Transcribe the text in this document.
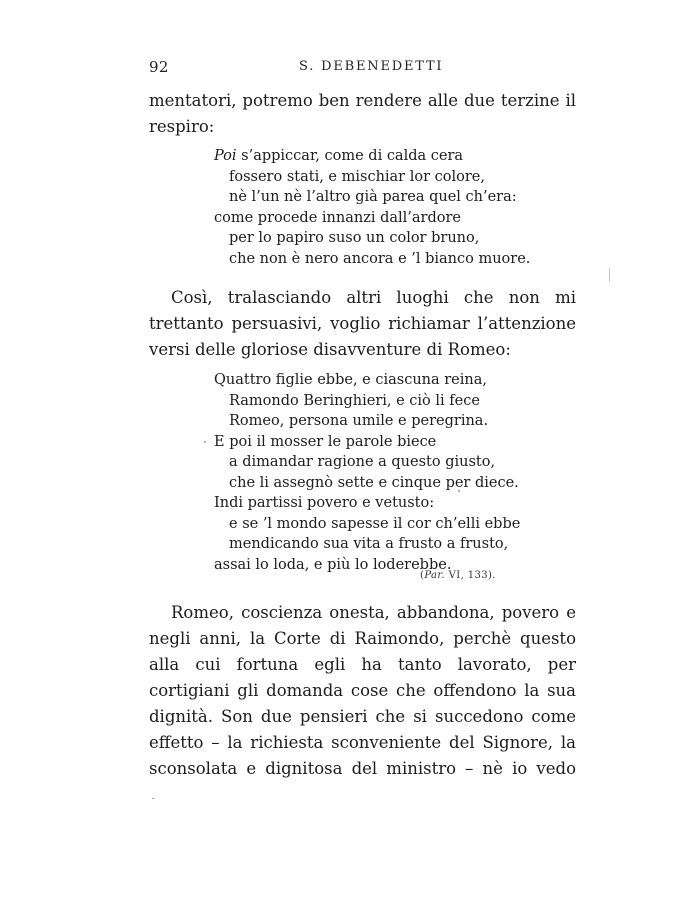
92	S. DEBENEDETTI
mentatori, potremo ben rendere alle due terzine il
respiro:
Poi s’appiccar, come di calda cera
fossero stati, e mischiar lor colore,
nè l’un nè l’altro già parea quel ch’era:
come procede innanzi dall’ardore
per lo papiro suso un color bruno,
che non è nero ancora e ’l bianco muore.
Così, tralasciando altri luoghi che non mi
trettanto persuasivi, voglio richiamar l’attenzione
versi delle gloriose disavventure di Romeo:
Quattro figlie ebbe, e ciascuna reina,
Ramondo Beringhieri, e ciò li fece
Romeo, persona umile e peregrina.
E poi il mosser le parole biece
a dimandar ragione a questo giusto,
che li assegnò sette e cinque per diece.
Indi partissi povero e vetusto:
e se ’l mondo sapesse il cor ch’elli ebbe
mendicando sua vita a frusto a frusto,
assai lo loda, e più lo loderebbe.
(Par. VI, 133).
Romeo, coscienza onesta, abbandona, povero e
negli anni, la Corte di Raimondo, perchè questo
alla cui fortuna egli ha tanto lavorato, per
cortigiani gli domanda cose che offendono la sua
dignità. Son due pensieri che si succedono come
effetto – la richiesta sconveniente del Signore, la
sconsolata e dignitosa del ministro – nè io vedo
